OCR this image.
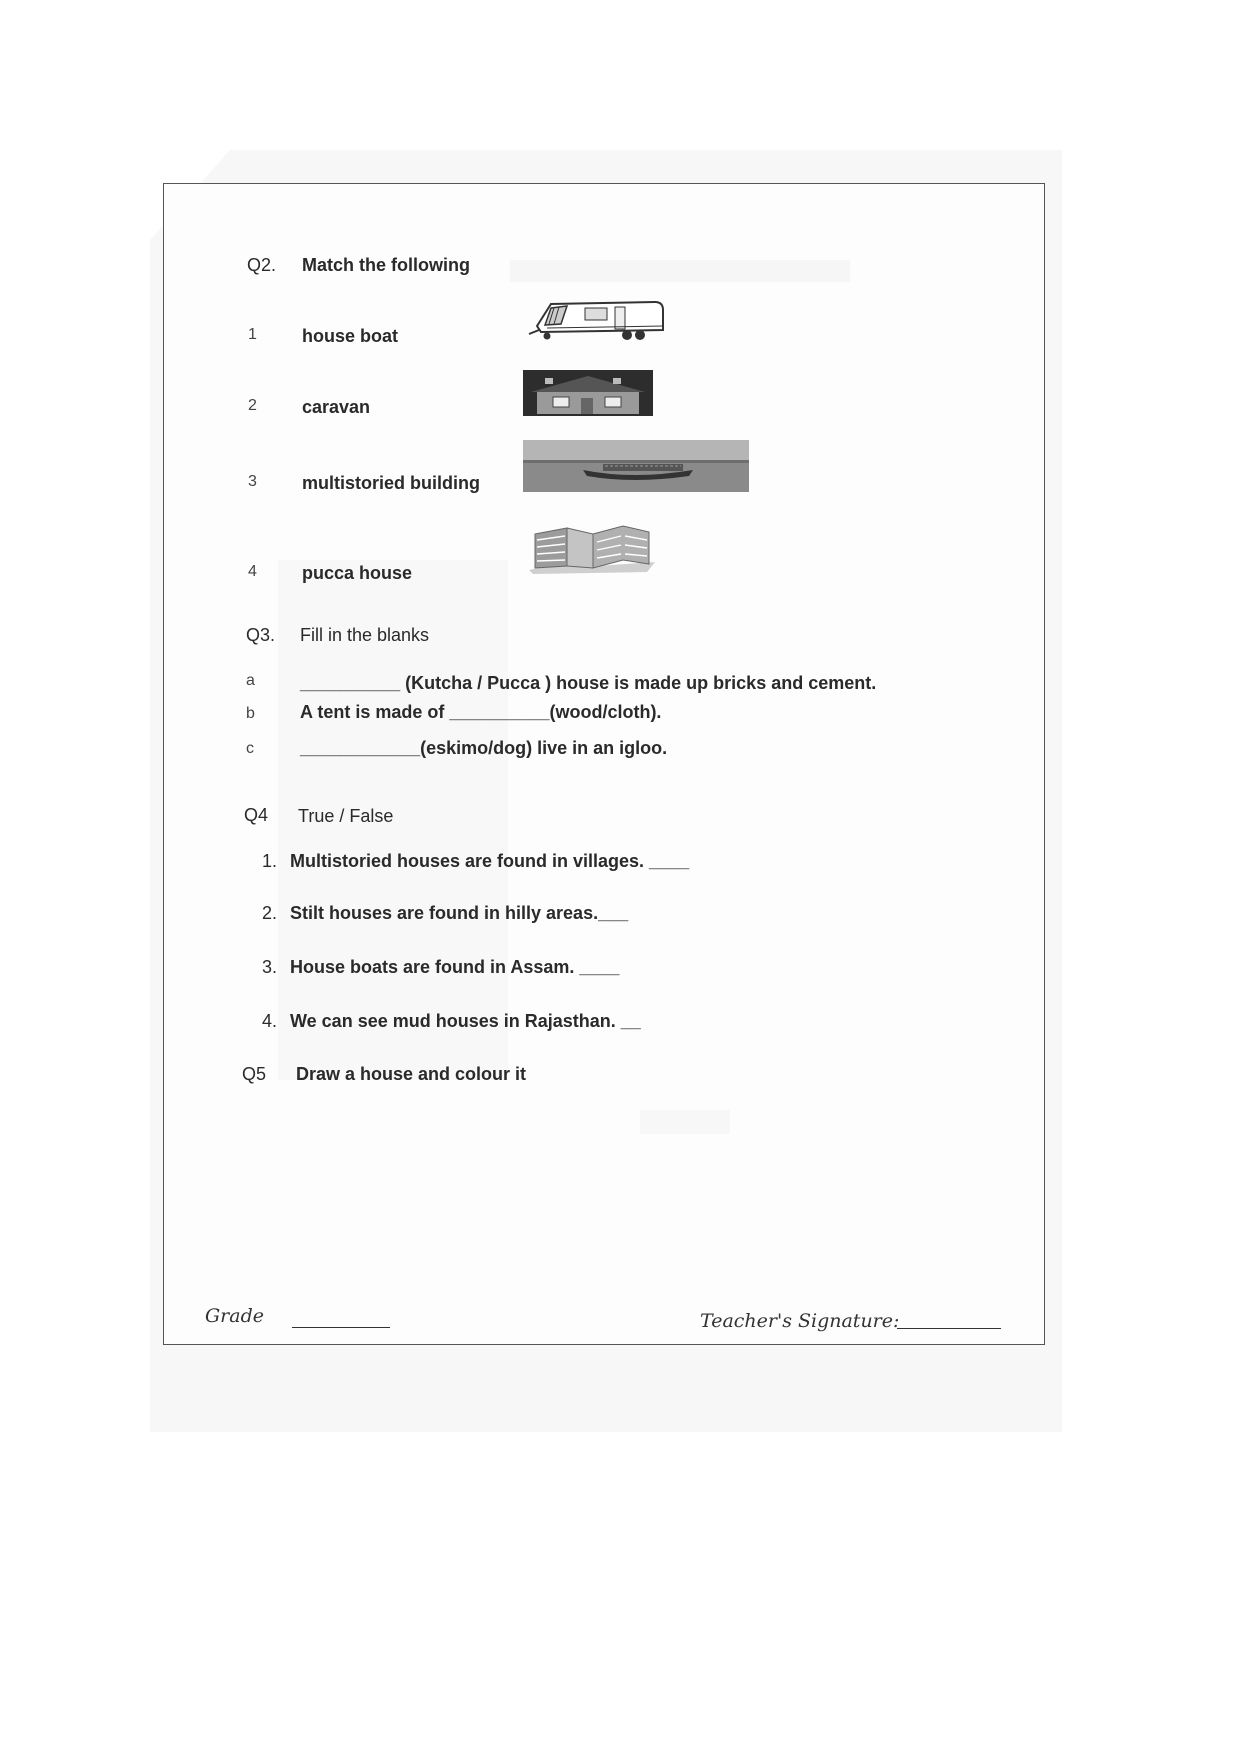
Q2. Match the following
1	house boat
2	caravan
3	multistoried building
4	pucca house
Q3. Fill in the blanks
a	__________ (Kutcha / Pucca ) house is made up bricks and cement.
b	A tent is made of __________(wood/cloth).
c	____________(eskimo/dog) live in an igloo.
Q4 True / False
1. Multistoried houses are found in villages. ____
2. Stilt houses are found in hilly areas.___
3. House boats are found in Assam. ____
4. We can see mud houses in Rajasthan. __
Q5 Draw a house and colour it
Grade	Teacher's Signature:
